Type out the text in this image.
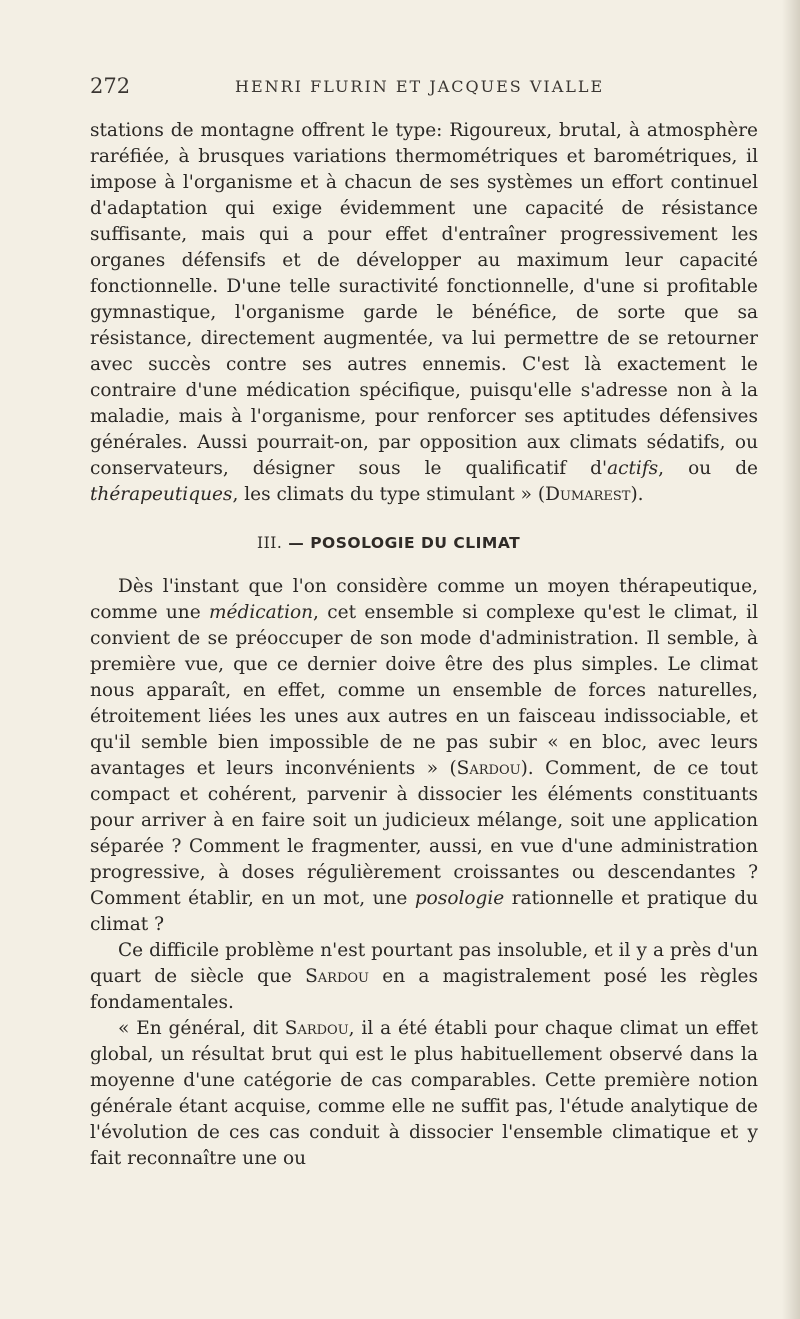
272	HENRI FLURIN ET JACQUES VIALLE

stations de montagne offrent le type: Rigoureux, brutal, à atmosphère raréfiée, à brusques variations thermométriques et barométriques, il impose à l'organisme et à chacun de ses systèmes un effort continuel d'adaptation qui exige évidemment une capacité de résistance suffisante, mais qui a pour effet d'entraîner progressivement les organes défensifs et de développer au maximum leur capacité fonctionnelle. D'une telle suractivité fonctionnelle, d'une si profitable gymnastique, l'organisme garde le bénéfice, de sorte que sa résistance, directement augmentée, va lui permettre de se retourner avec succès contre ses autres ennemis. C'est là exactement le contraire d'une médication spécifique, puisqu'elle s'adresse non à la maladie, mais à l'organisme, pour renforcer ses aptitudes défensives générales. Aussi pourrait-on, par opposition aux climats sédatifs, ou conservateurs, désigner sous le qualificatif d'actifs, ou de thérapeutiques, les climats du type stimulant » (Dumarest).

III. — POSOLOGIE DU CLIMAT

Dès l'instant que l'on considère comme un moyen thérapeutique, comme une médication, cet ensemble si complexe qu'est le climat, il convient de se préoccuper de son mode d'administration. Il semble, à première vue, que ce dernier doive être des plus simples. Le climat nous apparaît, en effet, comme un ensemble de forces naturelles, étroitement liées les unes aux autres en un faisceau indissociable, et qu'il semble bien impossible de ne pas subir « en bloc, avec leurs avantages et leurs inconvénients » (Sardou). Comment, de ce tout compact et cohérent, parvenir à dissocier les éléments constituants pour arriver à en faire soit un judicieux mélange, soit une application séparée ? Comment le fragmenter, aussi, en vue d'une administration progressive, à doses régulièrement croissantes ou descendantes ? Comment établir, en un mot, une posologie rationnelle et pratique du climat ?

Ce difficile problème n'est pourtant pas insoluble, et il y a près d'un quart de siècle que Sardou en a magistralement posé les règles fondamentales.

« En général, dit Sardou, il a été établi pour chaque climat un effet global, un résultat brut qui est le plus habituellement observé dans la moyenne d'une catégorie de cas comparables. Cette première notion générale étant acquise, comme elle ne suffit pas, l'étude analytique de l'évolution de ces cas conduit à dissocier l'ensemble climatique et y fait reconnaître une ou
